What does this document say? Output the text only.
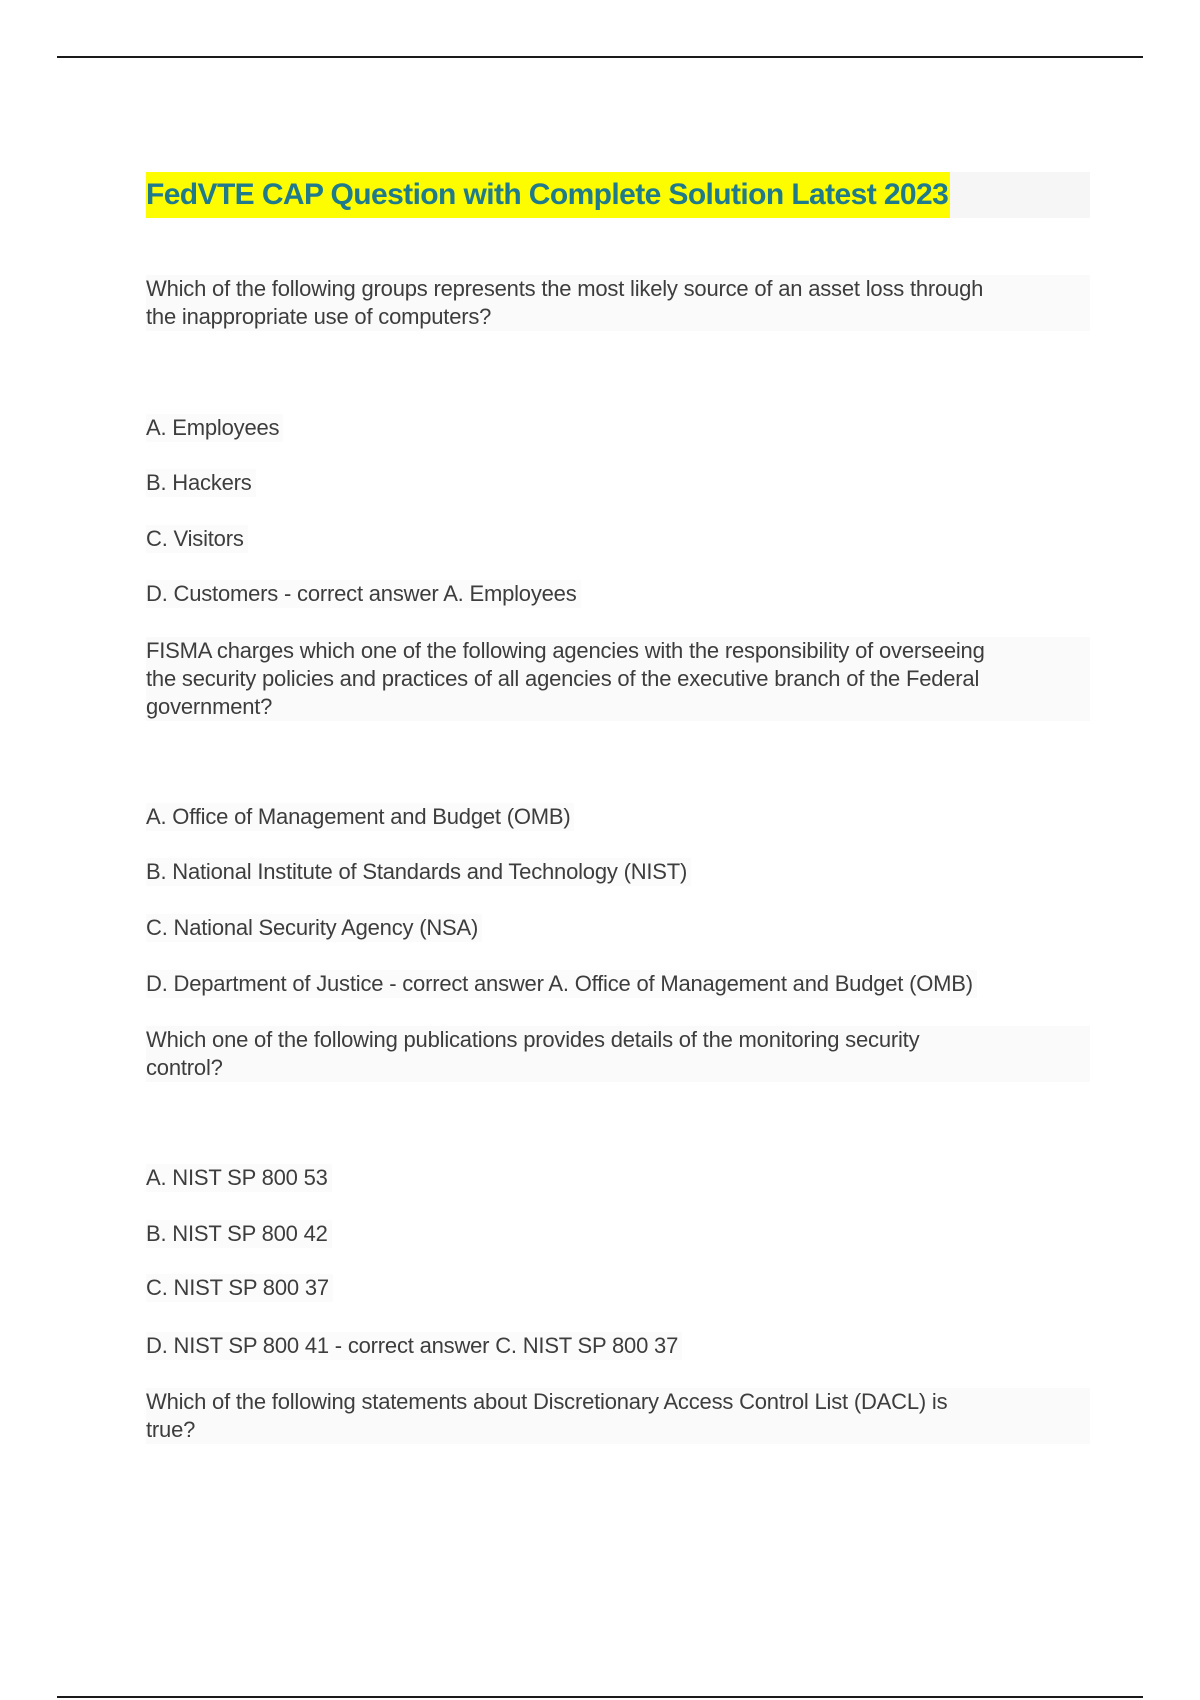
FedVTE CAP Question with Complete Solution Latest 2023
Which of the following groups represents the most likely source of an asset loss through
the inappropriate use of computers?
A. Employees
B. Hackers
C. Visitors
D. Customers - correct answer A. Employees
FISMA charges which one of the following agencies with the responsibility of overseeing
the security policies and practices of all agencies of the executive branch of the Federal
government?
A. Office of Management and Budget (OMB)
B. National Institute of Standards and Technology (NIST)
C. National Security Agency (NSA)
D. Department of Justice - correct answer A. Office of Management and Budget (OMB)
Which one of the following publications provides details of the monitoring security
control?
A. NIST SP 800 53
B. NIST SP 800 42
C. NIST SP 800 37
D. NIST SP 800 41 - correct answer C. NIST SP 800 37
Which of the following statements about Discretionary Access Control List (DACL) is
true?
